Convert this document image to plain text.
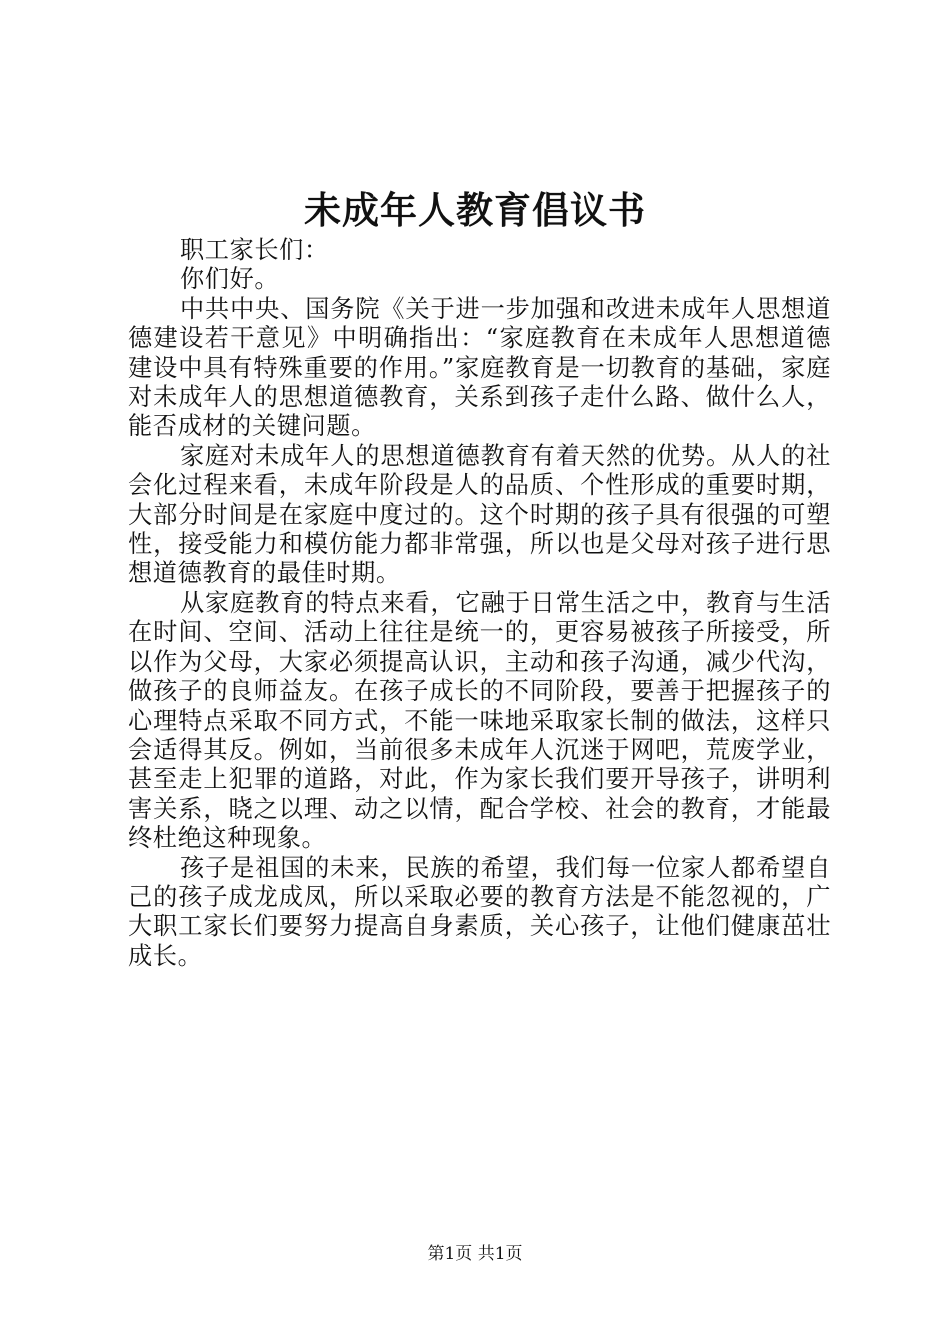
未成年人教育倡议书

职工家长们：

你们好。

中共中央、国务院《关于进一步加强和改进未成年人思想道德建设若干意见》中明确指出：“家庭教育在未成年人思想道德建设中具有特殊重要的作用。”家庭教育是一切教育的基础，家庭对未成年人的思想道德教育，关系到孩子走什么路、做什么人，能否成材的关键问题。

家庭对未成年人的思想道德教育有着天然的优势。从人的社会化过程来看，未成年阶段是人的品质、个性形成的重要时期，大部分时间是在家庭中度过的。这个时期的孩子具有很强的可塑性，接受能力和模仿能力都非常强，所以也是父母对孩子进行思想道德教育的最佳时期。

从家庭教育的特点来看，它融于日常生活之中，教育与生活在时间、空间、活动上往往是统一的，更容易被孩子所接受，所以作为父母，大家必须提高认识，主动和孩子沟通，减少代沟，做孩子的良师益友。在孩子成长的不同阶段，要善于把握孩子的心理特点采取不同方式，不能一味地采取家长制的做法，这样只会适得其反。例如，当前很多未成年人沉迷于网吧，荒废学业，甚至走上犯罪的道路，对此，作为家长我们要开导孩子，讲明利害关系，晓之以理、动之以情，配合学校、社会的教育，才能最终杜绝这种现象。

孩子是祖国的未来，民族的希望，我们每一位家人都希望自己的孩子成龙成凤，所以采取必要的教育方法是不能忽视的，广大职工家长们要努力提高自身素质，关心孩子，让他们健康茁壮成长。

第1页 共1页
